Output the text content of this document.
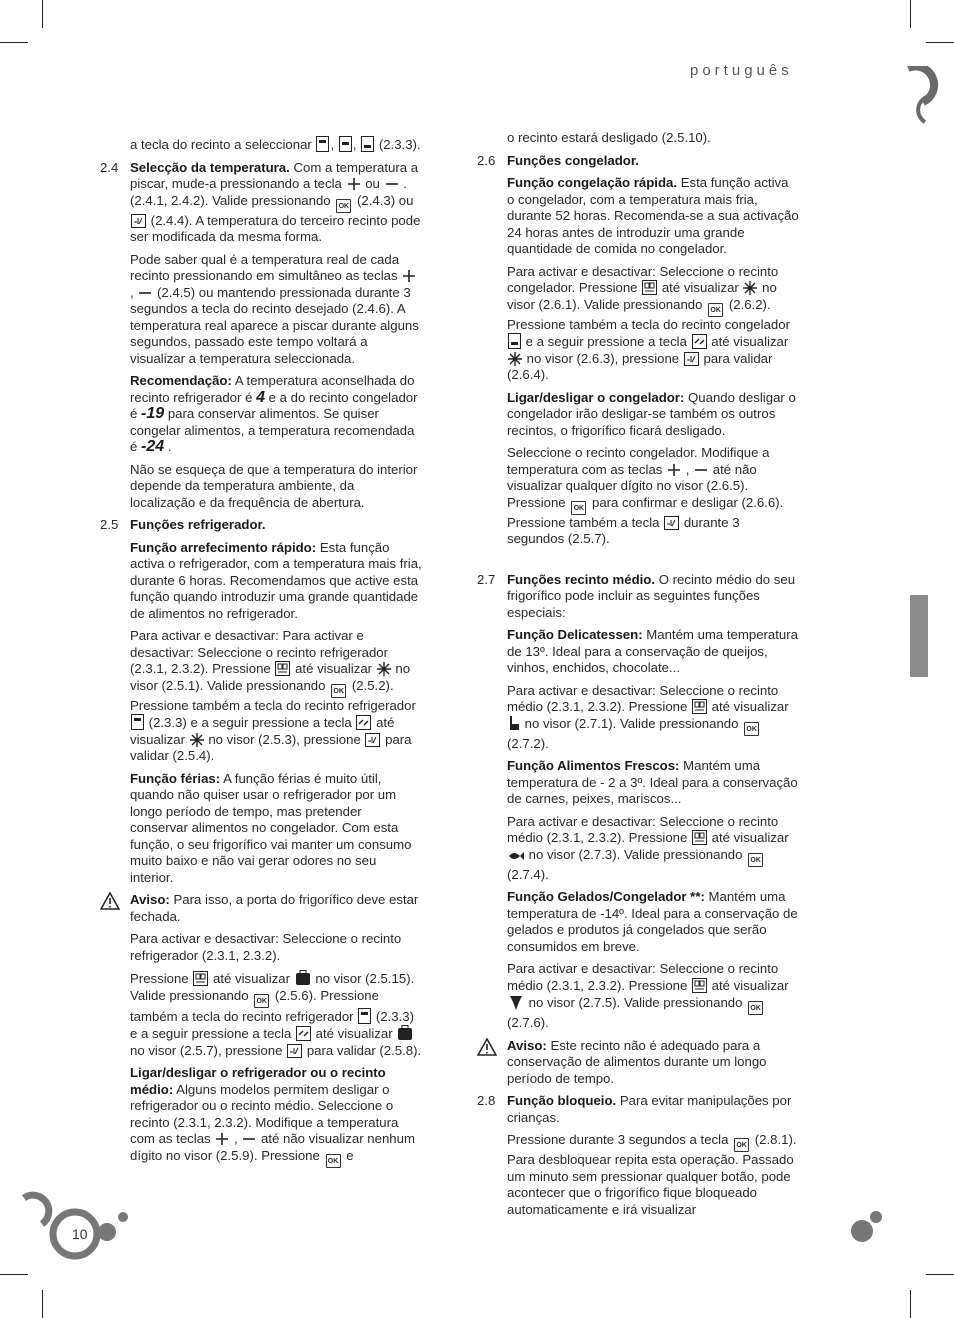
português
10

a tecla do recinto a seleccionar , ,  (2.3.3).

2.4 Selecção da temperatura. Com a temperatura a piscar, mude-a pressionando a tecla ou . (2.4.1, 2.4.2). Valide pressionando OK (2.4.3) ou  (2.4.4). A temperatura do terceiro recinto pode ser modificada da mesma forma.

Pode saber qual é a temperatura real de cada recinto pressionando em simultâneo as teclas  , (2.4.5) ou mantendo pressionada durante 3 segundos a tecla do recinto desejado (2.4.6). A temperatura real aparece a piscar durante alguns segundos, passado este tempo voltará a visualizar a temperatura seleccionada.

Recomendação: A temperatura aconselhada do recinto refrigerador é 4 e a do recinto congelador é -19 para conservar alimentos. Se quiser congelar alimentos, a temperatura recomendada é -24 .

Não se esqueça de que a temperatura do interior depende da temperatura ambiente, da localização e da frequência de abertura.

2.5 Funções refrigerador.

Função arrefecimento rápido: Esta função activa o refrigerador, com a temperatura mais fria, durante 6 horas. Recomendamos que active esta função quando introduzir uma grande quantidade de alimentos no refrigerador.

Para activar e desactivar: Para activar e desactivar: Seleccione o recinto refrigerador (2.3.1, 2.3.2). Pressione até visualizar no visor (2.5.1). Valide pressionando OK (2.5.2). Pressione também a tecla do recinto refrigerador  (2.3.3) e a seguir pressione a tecla até visualizar no visor (2.5.3), pressione para validar (2.5.4).

Função férias: A função férias é muito útil, quando não quiser usar o refrigerador por um longo período de tempo, mas pretender conservar alimentos no congelador. Com esta função, o seu frigorífico vai manter um consumo muito baixo e não vai gerar odores no seu interior.

Aviso: Para isso, a porta do frigorífico deve estar fechada.

Para activar e desactivar: Seleccione o recinto refrigerador (2.3.1, 2.3.2).

Pressione até visualizar no visor (2.5.15). Valide pressionando OK (2.5.6). Pressione também a tecla do recinto refrigerador (2.3.3) e a seguir pressione a tecla até visualizar  no visor (2.5.7), pressione para validar (2.5.8).

Ligar/desligar o refrigerador ou o recinto médio: Alguns modelos permitem desligar o refrigerador ou o recinto médio. Seleccione o recinto (2.3.1, 2.3.2). Modifique a temperatura com as teclas , até não visualizar nenhum dígito no visor (2.5.9). Pressione OK e

o recinto estará desligado (2.5.10).

2.6 Funções congelador.

Função congelação rápida. Esta função activa o congelador, com a temperatura mais fria, durante 52 horas. Recomenda-se a sua activação 24 horas antes de introduzir uma grande quantidade de comida no congelador.

Para activar e desactivar: Seleccione o recinto congelador. Pressione até visualizar no visor (2.6.1). Valide pressionando OK (2.6.2). Pressione também a tecla do recinto congelador  e a seguir pressione a tecla até visualizar  no visor (2.6.3), pressione para validar (2.6.4).

Ligar/desligar o congelador: Quando desligar o congelador irão desligar-se também os outros recintos, o frigorífico ficará desligado.

Seleccione o recinto congelador. Modifique a temperatura com as teclas , até não visualizar qualquer dígito no visor (2.6.5). Pressione OK para confirmar e desligar (2.6.6). Pressione também a tecla durante 3 segundos (2.5.7).

2.7 Funções recinto médio. O recinto médio do seu frigorífico pode incluir as seguintes funções especiais:

Função Delicatessen: Mantém uma temperatura de 13º. Ideal para a conservação de queijos, vinhos, enchidos, chocolate...

Para activar e desactivar: Seleccione o recinto médio (2.3.1, 2.3.2). Pressione até visualizar  no visor (2.7.1). Valide pressionando OK (2.7.2).

Função Alimentos Frescos: Mantém uma temperatura de - 2 a 3º. Ideal para a conservação de carnes, peixes, mariscos...

Para activar e desactivar: Seleccione o recinto médio (2.3.1, 2.3.2). Pressione até visualizar  no visor (2.7.3). Valide pressionando OK (2.7.4).

Função Gelados/Congelador **: Mantém uma temperatura de -14º. Ideal para a conservação de gelados e produtos já congelados que serão consumidos em breve.

Para activar e desactivar: Seleccione o recinto médio (2.3.1, 2.3.2). Pressione até visualizar  no visor (2.7.5). Valide pressionando OK (2.7.6).

Aviso: Este recinto não é adequado para a conservação de alimentos durante um longo período de tempo.

2.8 Função bloqueio. Para evitar manipulações por crianças.

Pressione durante 3 segundos a tecla OK (2.8.1). Para desbloquear repita esta operação. Passado um minuto sem pressionar qualquer botão, pode acontecer que o frigorífico fique bloqueado automaticamente e irá visualizar
